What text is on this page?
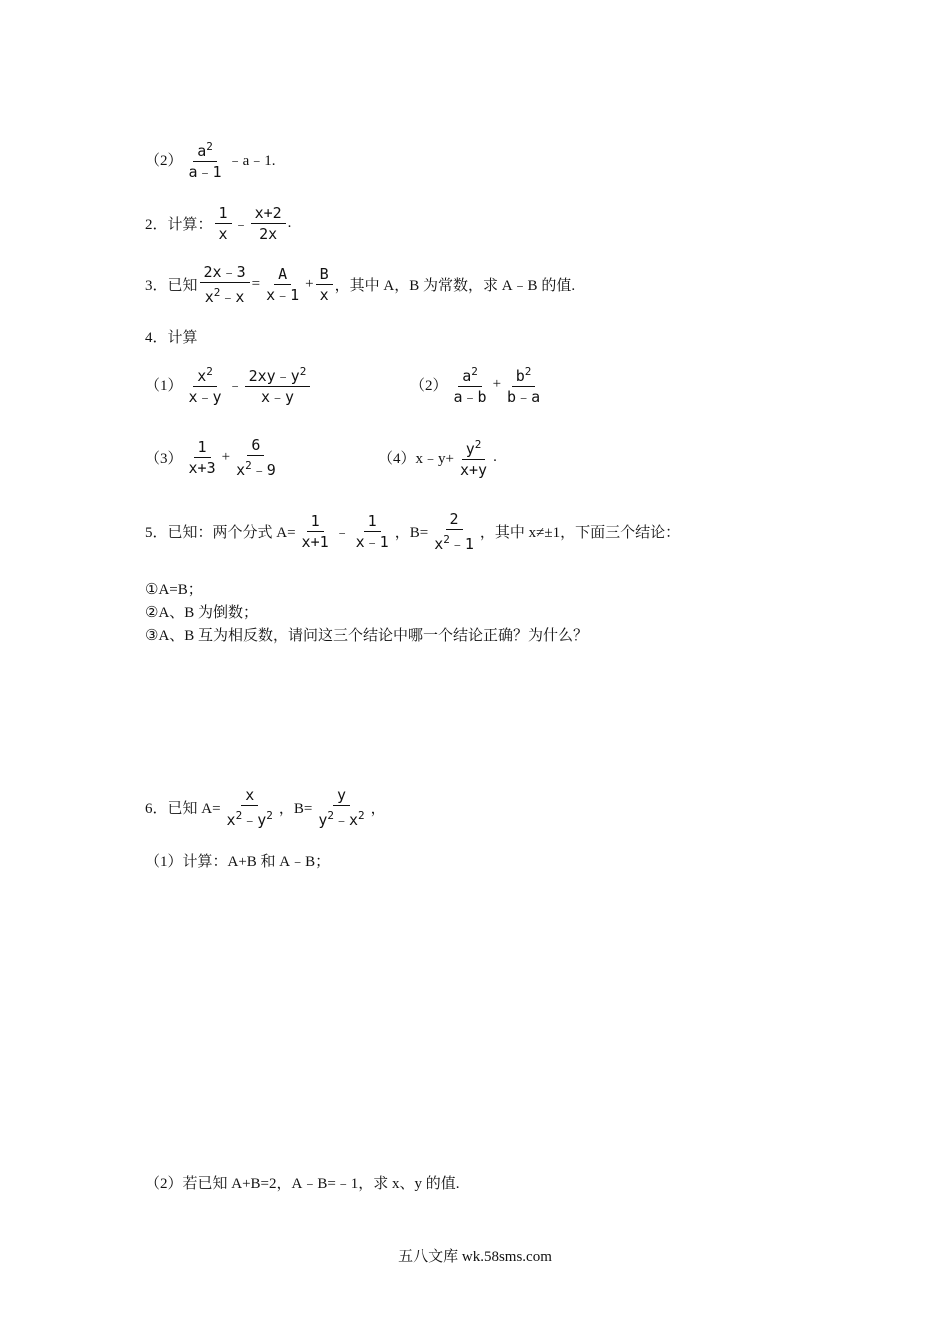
$(2) \frac{a^2}{a﹣1}$ ﹣a﹣1.
2．计算： $\frac{1}{x}$ ﹣ $\frac{x+2}{2x}$ .
3．已知 $\frac{2x﹣3}{x^2﹣x} = \frac{A}{x﹣1} + \frac{B}{x}$ ，其中 A，B 为常数，求 A﹣B 的值.
4．计算
$(1) \frac{x^2}{x﹣y}$ ﹣ $\frac{2xy﹣y^2}{x﹣y}$	$(2) \frac{a^2}{a﹣b} + \frac{b^2}{b﹣a}$
$(3) \frac{1}{x+3} + \frac{6}{x^2﹣9}$	（4） x﹣y+ $\frac{y^2}{x+y}$ .
5．已知：两个分式 $A= \frac{1}{x+1}$ ﹣ $\frac{1}{x﹣1}$ ，$B= \frac{2}{x^2﹣1}$ ，其中 x≠±1，下面三个结论：
①A=B；
②A、B 为倒数；
③A、B 互为相反数，请问这三个结论中哪一个结论正确？为什么？
6．已知 $A= \frac{x}{x^2﹣y^2}$ ，$B= \frac{y}{y^2﹣x^2}$ ，
（1）计算：A+B 和 A﹣B；
（2）若已知 A+B=2，A﹣B=﹣1，求 x、y 的值.
五八文库 wk.58sms.com
